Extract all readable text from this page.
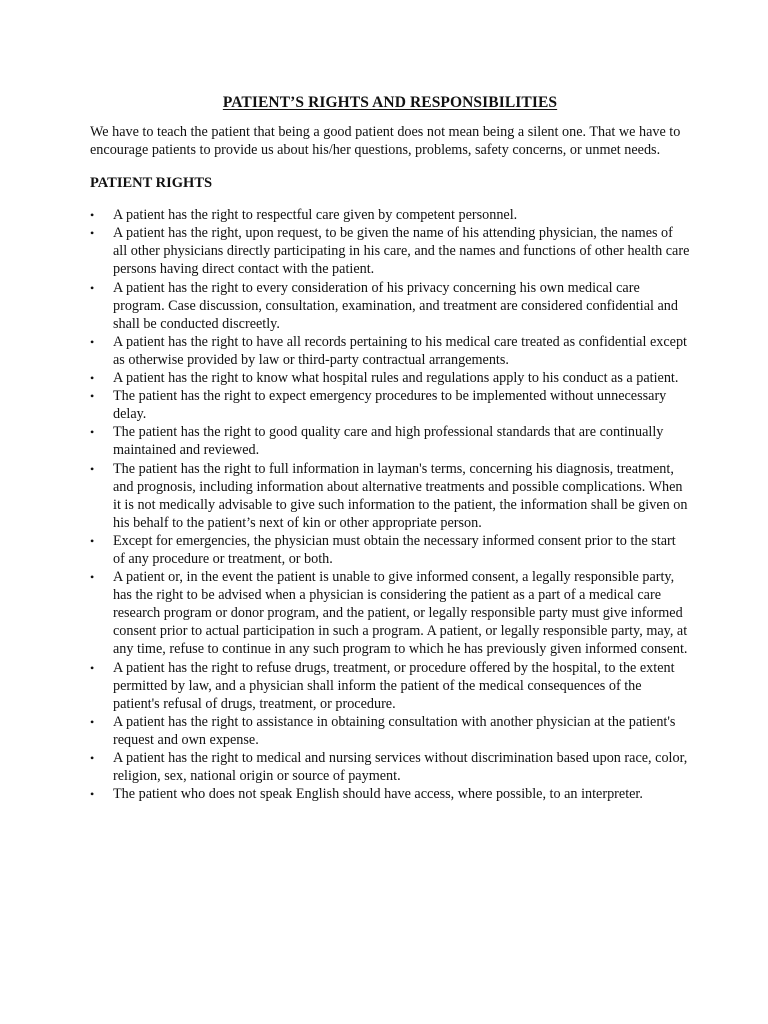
PATIENT’S RIGHTS AND RESPONSIBILITIES

We have to teach the patient that being a good patient does not mean being a silent one. That we have to encourage patients to provide us about his/her questions, problems, safety concerns, or unmet needs.

PATIENT RIGHTS
• A patient has the right to respectful care given by competent personnel.
• A patient has the right, upon request, to be given the name of his attending physician, the names of all other physicians directly participating in his care, and the names and functions of other health care persons having direct contact with the patient.
• A patient has the right to every consideration of his privacy concerning his own medical care program. Case discussion, consultation, examination, and treatment are considered confidential and shall be conducted discreetly.
• A patient has the right to have all records pertaining to his medical care treated as confidential except as otherwise provided by law or third-party contractual arrangements.
• A patient has the right to know what hospital rules and regulations apply to his conduct as a patient.
• The patient has the right to expect emergency procedures to be implemented without unnecessary delay.
• The patient has the right to good quality care and high professional standards that are continually maintained and reviewed.
• The patient has the right to full information in layman's terms, concerning his diagnosis, treatment, and prognosis, including information about alternative treatments and possible complications. When it is not medically advisable to give such information to the patient, the information shall be given on his behalf to the patient’s next of kin or other appropriate person.
• Except for emergencies, the physician must obtain the necessary informed consent prior to the start of any procedure or treatment, or both.
• A patient or, in the event the patient is unable to give informed consent, a legally responsible party, has the right to be advised when a physician is considering the patient as a part of a medical care research program or donor program, and the patient, or legally responsible party must give informed consent prior to actual participation in such a program. A patient, or legally responsible party, may, at any time, refuse to continue in any such program to which he has previously given informed consent.
• A patient has the right to refuse drugs, treatment, or procedure offered by the hospital, to the extent permitted by law, and a physician shall inform the patient of the medical consequences of the patient's refusal of drugs, treatment, or procedure.
• A patient has the right to assistance in obtaining consultation with another physician at the patient's request and own expense.
• A patient has the right to medical and nursing services without discrimination based upon race, color, religion, sex, national origin or source of payment.
• The patient who does not speak English should have access, where possible, to an interpreter.
